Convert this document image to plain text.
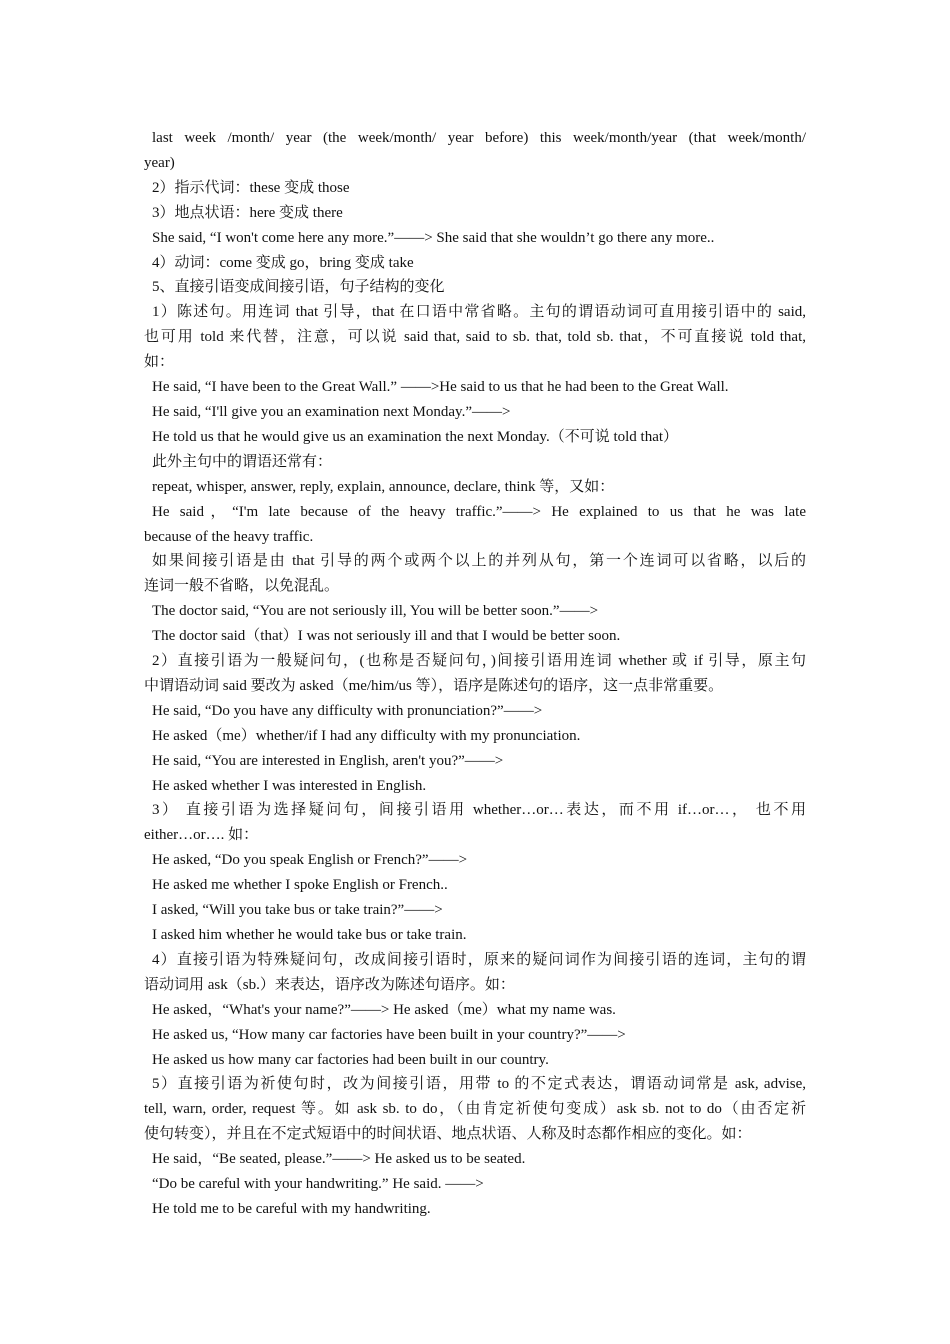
last week /month/ year (the week/month/ year before) this week/month/year (that week/month/

year)

2）指示代词：these 变成 those

3）地点状语：here 变成 there

She said, “I won't come here any more.”——> She said that she wouldn’t go there any more..

4）动词：come 变成 go，bring 变成 take

5、直接引语变成间接引语，句子结构的变化

1）陈述句。用连词 that 引导，that 在口语中常省略。主句的谓语动词可直用接引语中的 said,

也可用 told 来代替，注意，可以说 said that, said to sb. that, told sb. that，不可直接说 told that,

如：

He said, “I have been to the Great Wall.” ——>He said to us that he had been to the Great Wall.

He said, “I'll give you an examination next Monday.”——>

He told us that he would give us an examination the next Monday.（不可说 told that）

此外主句中的谓语还常有：

repeat, whisper, answer, reply, explain, announce, declare, think 等，又如：

He said，“I'm late because of the heavy traffic.”——> He explained to us that he was late

because of the heavy traffic.

如果间接引语是由 that 引导的两个或两个以上的并列从句，第一个连词可以省略，以后的

连词一般不省略，以免混乱。

The doctor said, “You are not seriously ill, You will be better soon.”——>

The doctor said（that）I was not seriously ill and that I would be better soon.

2）直接引语为一般疑问句，(也称是否疑问句，)间接引语用连词 whether 或 if 引导，原主句

中谓语动词 said 要改为 asked（me/him/us 等），语序是陈述句的语序，这一点非常重要。

He said, “Do you have any difficulty with pronunciation?”——>

He asked（me）whether/if I had any difficulty with my pronunciation.

He said, “You are interested in English, aren't you?”——>

He asked whether I was interested in English.

3） 直接引语为选择疑问句，间接引语用 whether…or…表达，而不用 if…or…， 也不用

either…or…. 如：

He asked, “Do you speak English or French?”——>

He asked me whether I spoke English or French..

I asked, “Will you take bus or take train?”——>

I asked him whether he would take bus or take train.

4）直接引语为特殊疑问句，改成间接引语时，原来的疑问词作为间接引语的连词，主句的谓

语动词用 ask（sb.）来表达，语序改为陈述句语序。如：

He asked，“What's your name?”——> He asked（me）what my name was.

He asked us, “How many car factories have been built in your country?”——>

He asked us how many car factories had been built in our country.

5）直接引语为祈使句时，改为间接引语，用带 to 的不定式表达，谓语动词常是 ask, advise,

tell, warn, order, request 等。如 ask sb. to do，（由肯定祈使句变成）ask sb. not to do（由否定祈

使句转变），并且在不定式短语中的时间状语、地点状语、人称及时态都作相应的变化。如：

He said，“Be seated, please.”——> He asked us to be seated.

“Do be careful with your handwriting.” He said. ——>

He told me to be careful with my handwriting.
